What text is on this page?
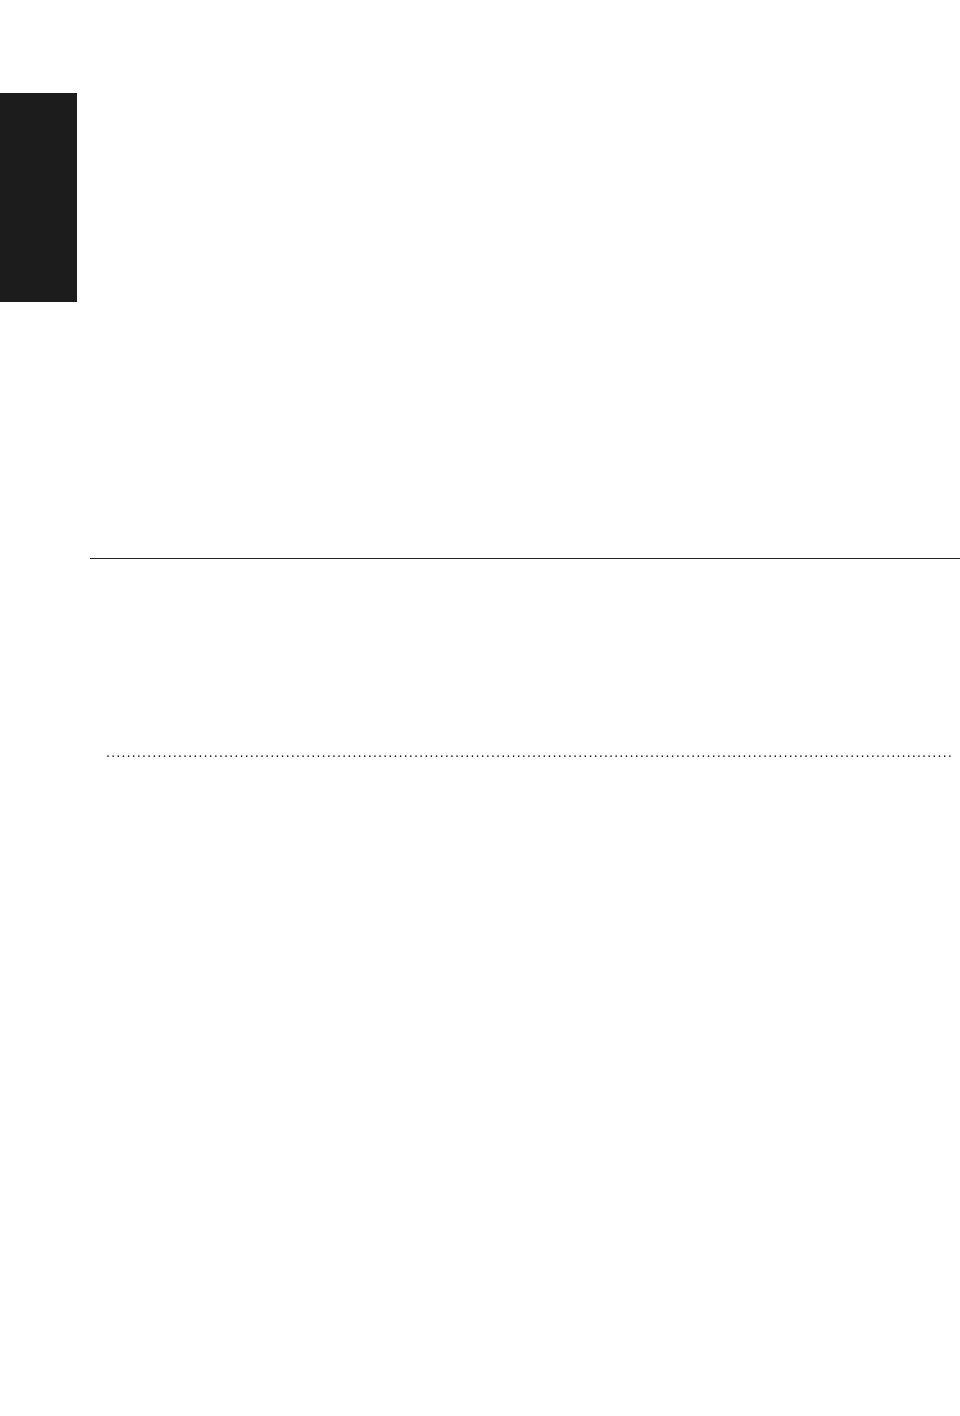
.....
